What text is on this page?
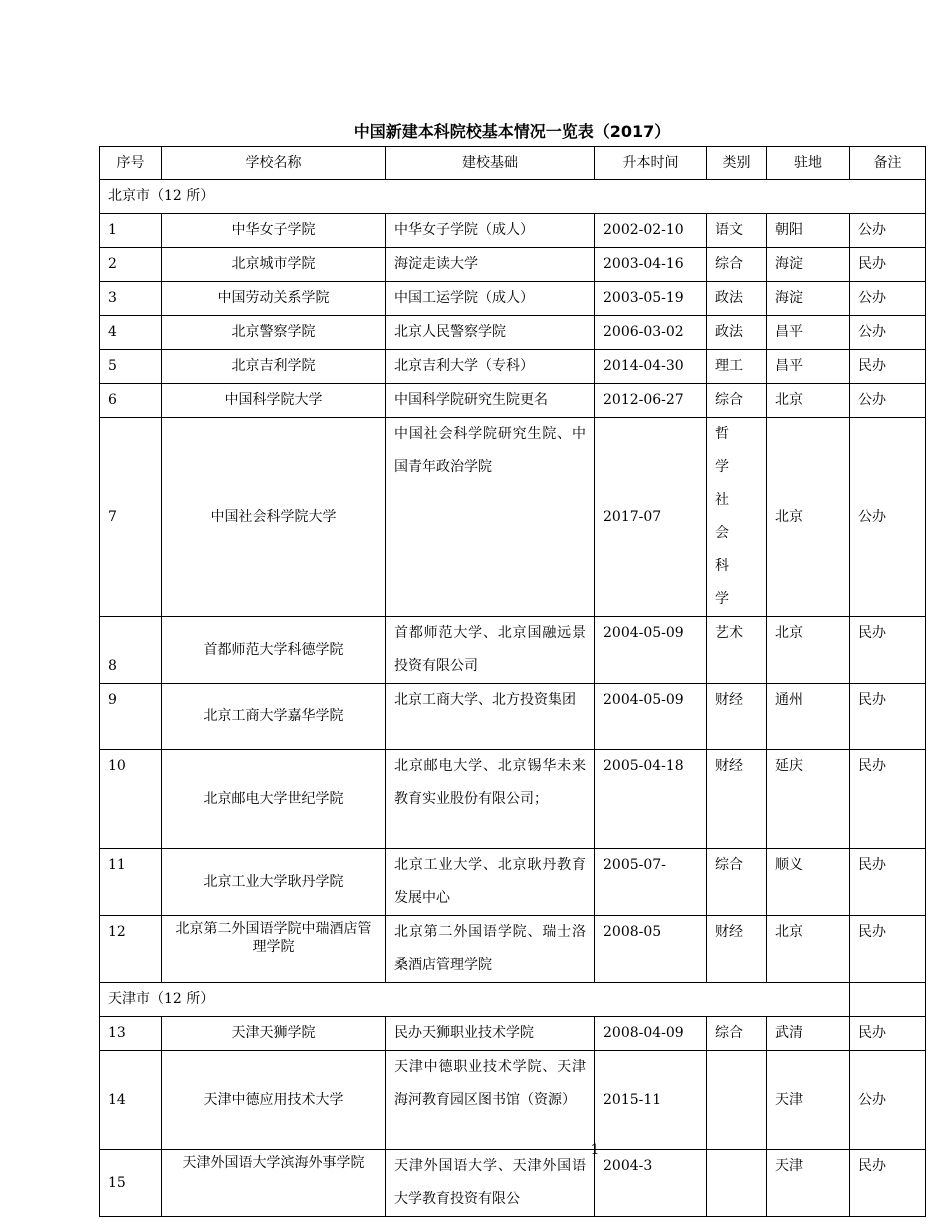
中国新建本科院校基本情况一览表（2017）
序号	学校名称	建校基础	升本时间	类别	驻地	备注
北京市（12 所）						
1	中华女子学院	中华女子学院（成人）	2002-02-10	语文	朝阳	公办
2	北京城市学院	海淀走读大学	2003-04-16	综合	海淀	民办
3	中国劳动关系学院	中国工运学院（成人）	2003-05-19	政法	海淀	公办
4	北京警察学院	北京人民警察学院	2006-03-02	政法	昌平	公办
5	北京吉利学院	北京吉利大学（专科）	2014-04-30	理工	昌平	民办
6	中国科学院大学	中国科学院研究生院更名	2012-06-27	综合	北京	公办
7	中国社会科学院大学	中国社会科学院研究生院、中国青年政治学院	2017-07	哲学社会科学	北京	公办
8	首都师范大学科德学院	首都师范大学、北京国融远景投资有限公司	2004-05-09	艺术	北京	民办
9	北京工商大学嘉华学院	北京工商大学、北方投资集团	2004-05-09	财经	通州	民办
10	北京邮电大学世纪学院	北京邮电大学、北京锡华未来教育实业股份有限公司；	2005-04-18	财经	延庆	民办
11	北京工业大学耿丹学院	北京工业大学、北京耿丹教育发展中心	2005-07-	综合	顺义	民办
12	北京第二外国语学院中瑞酒店管理学院	北京第二外国语学院、瑞士洛桑酒店管理学院	2008-05	财经	北京	民办
天津市（12 所）						
13	天津天狮学院	民办天狮职业技术学院	2008-04-09	综合	武清	民办
14	天津中德应用技术大学	天津中德职业技术学院、天津海河教育园区图书馆（资源）	2015-11		天津	公办
15	天津外国语大学滨海外事学院	天津外国语大学、天津外国语大学教育投资有限公	2004-3		天津	民办
1
